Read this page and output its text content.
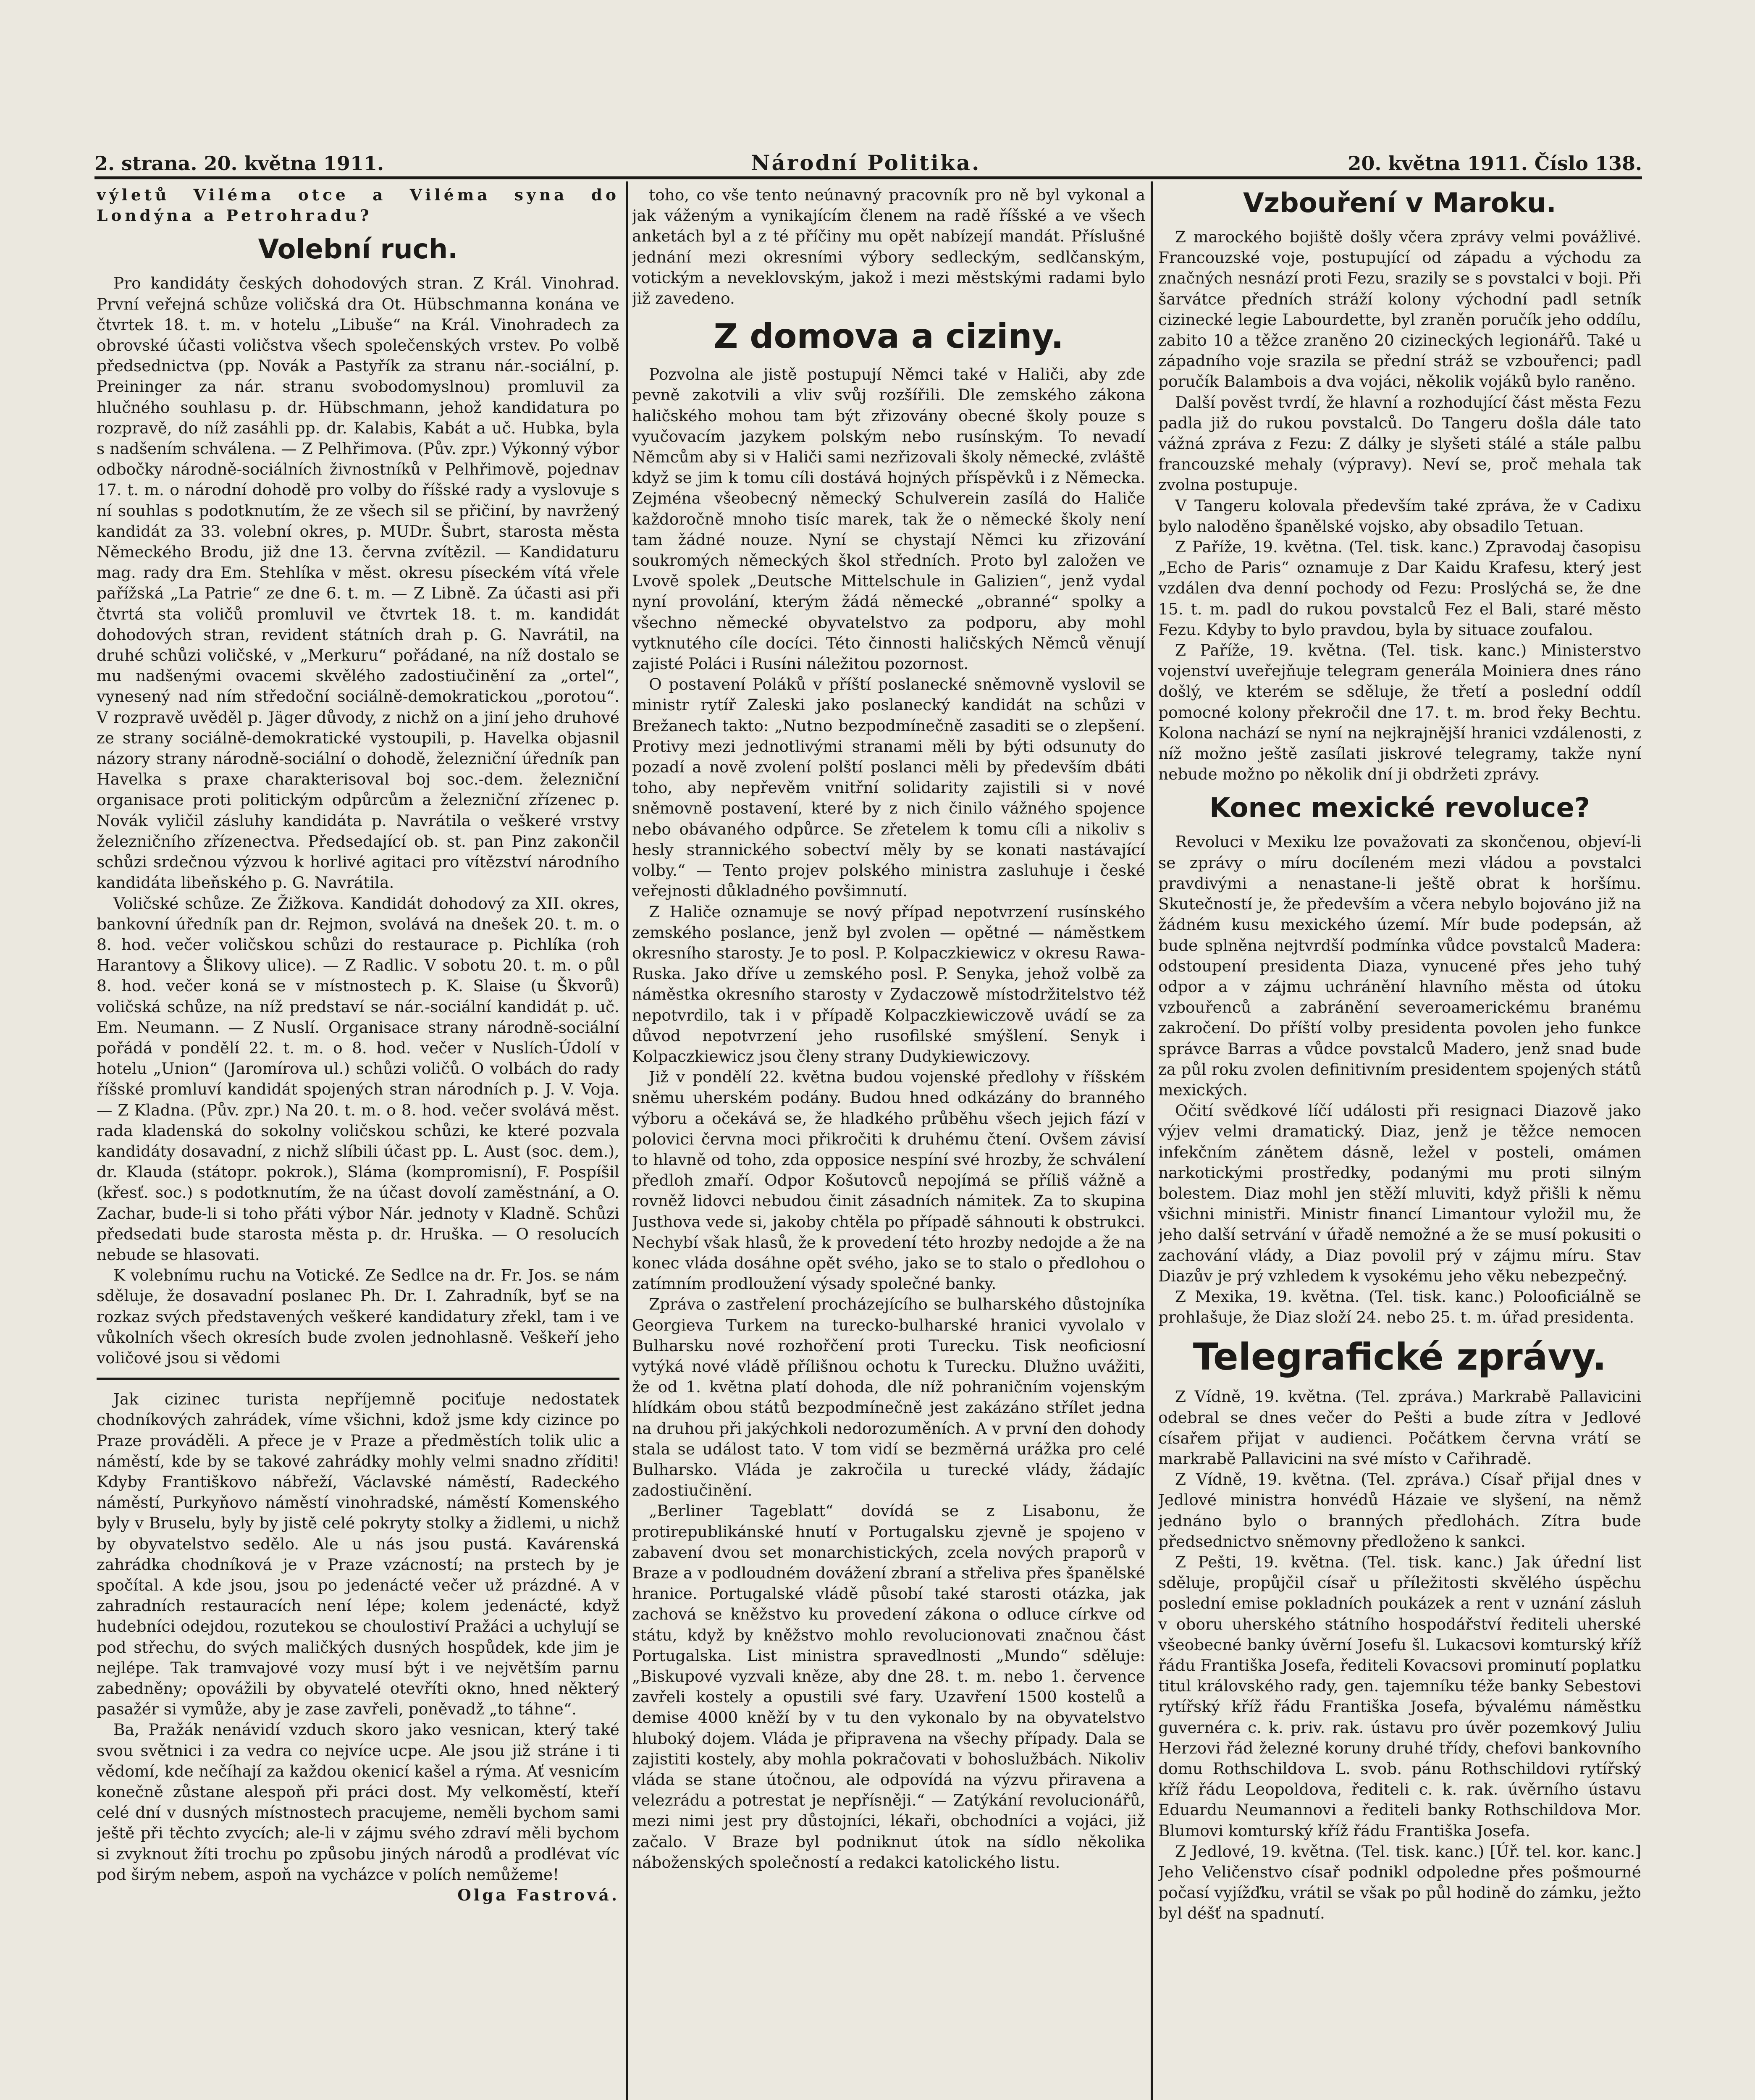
2. strana. 20. května 1911.	Národní Politika.	20. května 1911. Číslo 138.

výletů Viléma otce a Viléma syna do Londýna a Petrohradu?

Volební ruch.

Pro kandidáty českých dohodových stran. Z Král. Vinohrad. První veřejná schůze voličská dra Ot. Hübschmanna konána ve čtvrtek 18. t. m. v hotelu „Libuše“ na Král. Vinohradech za obrovské účasti voličstva všech společenských vrstev. Po volbě předsednictva (pp. Novák a Pastyřík za stranu nár.-sociální, p. Preininger za nár. stranu svobodomyslnou) promluvil za hlučného souhlasu p. dr. Hübschmann, jehož kandidatura po rozpravě, do níž zasáhli pp. dr. Kalabis, Kabát a uč. Hubka, byla s nadšením schválena. — Z Pelhřimova. (Pův. zpr.) Výkonný výbor odbočky národně-sociálních živnostníků v Pelhřimově, pojednav 17. t. m. o národní dohodě pro volby do říšské rady a vyslovuje s ní souhlas s podotknutím, že ze všech sil se přičiní, by navržený kandidát za 33. volební okres, p. MUDr. Šubrt, starosta města Německého Brodu, již dne 13. června zvítězil. — Kandidaturu mag. rady dra Em. Stehlíka v měst. okresu píseckém vítá vřele pařížská „La Patrie“ ze dne 6. t. m. — Z Libně. Za účasti asi při čtvrtá sta voličů promluvil ve čtvrtek 18. t. m. kandidát dohodových stran, revident státních drah p. G. Navrátil, na druhé schůzi voličské, v „Merkuru“ pořádané, na níž dostalo se mu nadšenými ovacemi skvělého zadostiučinění za „ortel“, vynesený nad ním středoční sociálně-demokratickou „porotou“. V rozpravě uvěděl p. Jäger důvody, z nichž on a jiní jeho druhové ze strany sociálně-demokratické vystoupili, p. Havelka objasnil názory strany národně-sociální o dohodě, železniční úředník pan Havelka s praxe charakterisoval boj soc.-dem. železniční organisace proti politickým odpůrcům a železniční zřízenec p. Novák vyličil zásluhy kandidáta p. Navrátila o veškeré vrstvy železničního zřízenectva. Předsedající ob. st. pan Pinz zakončil schůzi srdečnou výzvou k horlivé agitaci pro vítězství národního kandidáta libeňského p. G. Navrátila.

Voličské schůze. Ze Žižkova. Kandidát dohodový za XII. okres, bankovní úředník pan dr. Rejmon, svolává na dnešek 20. t. m. o 8. hod. večer voličskou schůzi do restaurace p. Pichlíka (roh Harantovy a Šlikovy ulice). — Z Radlic. V sobotu 20. t. m. o půl 8. hod. večer koná se v místnostech p. K. Slaise (u Škvorů) voličská schůze, na níž predstaví se nár.-sociální kandidát p. uč. Em. Neumann. — Z Nuslí. Organisace strany národně-sociální pořádá v pondělí 22. t. m. o 8. hod. večer v Nuslích-Údolí v hotelu „Union“ (Jaromírova ul.) schůzi voličů. O volbách do rady říšské promluví kandidát spojených stran národních p. J. V. Voja. — Z Kladna. (Pův. zpr.) Na 20. t. m. o 8. hod. večer svolává měst. rada kladenská do sokolny voličskou schůzi, ke které pozvala kandidáty dosavadní, z nichž slíbili účast pp. L. Aust (soc. dem.), dr. Klauda (státopr. pokrok.), Sláma (kompromisní), F. Pospíšil (křesť. soc.) s podotknutím, že na účast dovolí zaměstnání, a O. Zachar, bude-li si toho přáti výbor Nár. jednoty v Kladně. Schůzi předsedati bude starosta města p. dr. Hruška. — O resolucích nebude se hlasovati.

K volebnímu ruchu na Votické. Ze Sedlce na dr. Fr. Jos. se nám sděluje, že dosavadní poslanec Ph. Dr. I. Zahradník, byť se na rozkaz svých představených veškeré kandidatury zřekl, tam i ve vůkolních všech okresích bude zvolen jednohlasně. Veškeří jeho voličové jsou si vědomi

Jak cizinec turista nepříjemně pociťuje nedostatek chodníkových zahrádek, víme všichni, kdož jsme kdy cizince po Praze prováděli. A přece je v Praze a předměstích tolik ulic a náměstí, kde by se takové zahrádky mohly velmi snadno zříditi! Kdyby Františkovo nábřeží, Václavské náměstí, Radeckého náměstí, Purkyňovo náměstí vinohradské, náměstí Komenského byly v Bruselu, byly by jistě celé pokryty stolky a židlemi, u nichž by obyvatelstvo sedělo. Ale u nás jsou pustá. Kavárenská zahrádka chodníková je v Praze vzácností; na prstech by je spočítal. A kde jsou, jsou po jedenácté večer už prázdné. A v zahradních restauracích není lépe; kolem jedenácté, když hudebníci odejdou, rozutekou se choulostiví Pražáci a uchylují se pod střechu, do svých maličkých dusných hospůdek, kde jim je nejlépe. Tak tramvajové vozy musí být i ve největším parnu zabedněny; opovážili by obyvatelé otevříti okno, hned některý pasažér si vymůže, aby je zase zavřeli, poněvadž „to táhne“.

Ba, Pražák nenávidí vzduch skoro jako vesnican, který také svou světnici i za vedra co nejvíce ucpe. Ale jsou již stráne i ti vědomí, kde nečíhají za každou okenicí kašel a rýma. Ať vesnicím konečně zůstane alespoň při práci dost. My velkoměstí, kteří celé dní v dusných místnostech pracujeme, neměli bychom sami ještě při těchto zvycích; ale-li v zájmu svého zdraví měli bychom si zvyknout žíti trochu po způsobu jiných národů a prodlévat víc pod širým nebem, aspoň na vycházce v polích nemůžeme!

Olga Fastrová.

toho, co vše tento neúnavný pracovník pro ně byl vykonal a jak váženým a vynikajícím členem na radě říšské a ve všech anketách byl a z té příčiny mu opět nabízejí mandát. Příslušné jednání mezi okresními výbory sedleckým, sedlčanským, votickým a neveklovským, jakož i mezi městskými radami bylo již zavedeno.

Z domova a ciziny.

Pozvolna ale jistě postupují Němci také v Haliči, aby zde pevně zakotvili a vliv svůj rozšířili. Dle zemského zákona haličského mohou tam být zřizovány obecné školy pouze s vyučovacím jazykem polským nebo rusínským. To nevadí Němcům aby si v Haliči sami nezřizovali školy německé, zvláště když se jim k tomu cíli dostává hojných příspěvků i z Německa. Zejména všeobecný německý Schulverein zasílá do Haliče každoročně mnoho tisíc marek, tak že o německé školy není tam žádné nouze. Nyní se chystají Němci ku zřizování soukromých německých škol středních. Proto byl založen ve Lvově spolek „Deutsche Mittelschule in Galizien“, jenž vydal nyní provolání, kterým žádá německé „obranné“ spolky a všechno německé obyvatelstvo za podporu, aby mohl vytknutého cíle docíci. Této činnosti haličských Němců věnují zajisté Poláci i Rusíni náležitou pozornost.

O postavení Poláků v příští poslanecké sněmovně vyslovil se ministr rytíř Zaleski jako poslanecký kandidát na schůzi v Brežanech takto: „Nutno bezpodmínečně zasaditi se o zlepšení. Protivy mezi jednotlivými stranami měli by býti odsunuty do pozadí a nově zvolení polští poslanci měli by především dbáti toho, aby nepřevěm vnitřní solidarity zajistili si v nové sněmovně postavení, které by z nich činilo vážného spojence nebo obávaného odpůrce. Se zřetelem k tomu cíli a nikoliv s hesly strannického sobectví měly by se konati nastávající volby.“ — Tento projev polského ministra zasluhuje i české veřejnosti důkladného povšimnutí.

Z Haliče oznamuje se nový případ nepotvrzení rusínského zemského poslance, jenž byl zvolen — opětné — náměstkem okresního starosty. Je to posl. P. Kolpaczkiewicz v okresu Rawa-Ruska. Jako dříve u zemského posl. P. Senyka, jehož volbě za náměstka okresního starosty v Zydaczowě místodržitelstvo též nepotvrdilo, tak i v případě Kolpaczkiewiczově uvádí se za důvod nepotvrzení jeho rusofilské smýšlení. Senyk i Kolpaczkiewicz jsou členy strany Dudykiewiczovy.

Již v pondělí 22. května budou vojenské předlohy v říšském sněmu uherském podány. Budou hned odkázány do branného výboru a očekává se, že hladkého průběhu všech jejich fází v polovici června moci přikročiti k druhému čtení. Ovšem závisí to hlavně od toho, zda opposice nespíní své hrozby, že schválení předloh zmaří. Odpor Košutovců nepojímá se příliš vážně a rovněž lidovci nebudou činit zásadních námitek. Za to skupina Justhova vede si, jakoby chtěla po případě sáhnouti k obstrukci. Nechybí však hlasů, že k provedení této hrozby nedojde a že na konec vláda dosáhne opět svého, jako se to stalo o předlohou o zatímním prodloužení výsady společné banky.

Zpráva o zastřelení procházejícího se bulharského důstojníka Georgieva Turkem na turecko-bulharské hranici vyvolalo v Bulharsku nové rozhořčení proti Turecku. Tisk neoficiosní vytýká nové vládě přílišnou ochotu k Turecku. Dlužno uvážiti, že od 1. května platí dohoda, dle níž pohraničním vojenským hlídkám obou států bezpodmínečně jest zakázáno střílet jedna na druhou při jakýchkoli nedorozuměních. A v první den dohody stala se událost tato. V tom vidí se bezměrná urážka pro celé Bulharsko. Vláda je zakročila u turecké vlády, žádajíc zadostiučinění.

„Berliner Tageblatt“ dovídá se z Lisabonu, že protirepublikánské hnutí v Portugalsku zjevně je spojeno v zabavení dvou set monarchistických, zcela nových praporů v Braze a v podloudném dovážení zbraní a střeliva přes španělské hranice. Portugalské vládě působí také starosti otázka, jak zachová se kněžstvo ku provedení zákona o odluce církve od státu, když by kněžstvo mohlo revolucionovati značnou část Portugalska. List ministra spravedlnosti „Mundo“ sděluje: „Biskupové vyzvali kněze, aby dne 28. t. m. nebo 1. července zavřeli kostely a opustili své fary. Uzavření 1500 kostelů a demise 4000 kněží by v tu den vykonalo by na obyvatelstvo hluboký dojem. Vláda je připravena na všechy případy. Dala se zajistiti kostely, aby mohla pokračovati v bohoslužbách. Nikoliv vláda se stane útočnou, ale odpovídá na výzvu přiravena a velezrádu a potrestat je nepřísněji.“ — Zatýkání revolucionářů, mezi nimi jest pry důstojníci, lékaři, obchodníci a vojáci, již začalo. V Braze byl podniknut útok na sídlo několika náboženských společností a redakci katolického listu.

Vzbouření v Maroku.

Z marockého bojiště došly včera zprávy velmi povážlivé. Francouzské voje, postupující od západu a východu za značných nesnází proti Fezu, srazily se s povstalci v boji. Při šarvátce předních stráží kolony východní padl setník cizinecké legie Labourdette, byl zraněn poručík jeho oddílu, zabito 10 a těžce zraněno 20 cizineckých legionářů. Také u západního voje srazila se přední stráž se vzbouřenci; padl poručík Balambois a dva vojáci, několik vojáků bylo raněno.

Další pověst tvrdí, že hlavní a rozhodující část města Fezu padla již do rukou povstalců. Do Tangeru došla dále tato vážná zpráva z Fezu: Z dálky je slyšeti stálé a stále palbu francouzské mehaly (výpravy). Neví se, proč mehala tak zvolna postupuje.

V Tangeru kolovala především také zpráva, že v Cadixu bylo naloděno španělské vojsko, aby obsadilo Tetuan.

Z Paříže, 19. května. (Tel. tisk. kanc.) Zpravodaj časopisu „Echo de Paris“ oznamuje z Dar Kaidu Krafesu, který jest vzdálen dva denní pochody od Fezu: Proslýchá se, že dne 15. t. m. padl do rukou povstalců Fez el Bali, staré město Fezu. Kdyby to bylo pravdou, byla by situace zoufalou.

Z Paříže, 19. května. (Tel. tisk. kanc.) Ministerstvo vojenství uveřejňuje telegram generála Moiniera dnes ráno došlý, ve kterém se sděluje, že třetí a poslední oddíl pomocné kolony překročil dne 17. t. m. brod řeky Bechtu. Kolona nachází se nyní na nejkrajnější hranici vzdálenosti, z níž možno ještě zasílati jiskrové telegramy, takže nyní nebude možno po několik dní ji obdržeti zprávy.

Konec mexické revoluce?

Revoluci v Mexiku lze považovati za skončenou, objeví-li se zprávy o míru docíleném mezi vládou a povstalci pravdivými a nenastane-li ještě obrat k horšímu. Skutečností je, že především a včera nebylo bojováno již na žádném kusu mexického území. Mír bude podepsán, až bude splněna nejtvrdší podmínka vůdce povstalců Madera: odstoupení presidenta Diaza, vynucené přes jeho tuhý odpor a v zájmu uchránění hlavního města od útoku vzbouřenců a zabránění severoamerickému branému zakročení. Do příští volby presidenta povolen jeho funkce správce Barras a vůdce povstalců Madero, jenž snad bude za půl roku zvolen definitivním presidentem spojených států mexických.

Očití svědkové líčí události při resignaci Diazově jako výjev velmi dramatický. Diaz, jenž je těžce nemocen infekčním zánětem dásně, ležel v posteli, omámen narkotickými prostředky, podanými mu proti silným bolestem. Diaz mohl jen stěží mluviti, když přišli k němu všichni ministři. Ministr financí Limantour vyložil mu, že jeho další setrvání v úřadě nemožné a že se musí pokusiti o zachování vlády, a Diaz povolil prý v zájmu míru. Stav Diazův je prý vzhledem k vysokému jeho věku nebezpečný.

Z Mexika, 19. května. (Tel. tisk. kanc.) Polooficiálně se prohlašuje, že Diaz složí 24. nebo 25. t. m. úřad presidenta.

Telegrafické zprávy.

Z Vídně, 19. května. (Tel. zpráva.) Markrabě Pallavicini odebral se dnes večer do Pešti a bude zítra v Jedlové císařem přijat v audienci. Počátkem června vrátí se markrabě Pallavicini na své místo v Cařihradě.

Z Vídně, 19. května. (Tel. zpráva.) Císař přijal dnes v Jedlové ministra honvédů Házaie ve slyšení, na němž jednáno bylo o branných předlohách. Zítra bude předsednictvo sněmovny předloženo k sankci.

Z Pešti, 19. května. (Tel. tisk. kanc.) Jak úřední list sděluje, propůjčil císař u příležitosti skvělého úspěchu poslední emise pokladních poukázek a rent v uznání zásluh v oboru uherského státního hospodářství řediteli uherské všeobecné banky úvěrní Josefu šl. Lukacsovi komturský kříž řádu Františka Josefa, řediteli Kovacsovi prominutí poplatku titul královského rady, gen. tajemníku téže banky Sebestovi rytířský kříž řádu Františka Josefa, bývalému náměstku guvernéra c. k. priv. rak. ústavu pro úvěr pozemkový Juliu Herzovi řád železné koruny druhé třídy, chefovi bankovního domu Rothschildova L. svob. pánu Rothschildovi rytířský kříž řádu Leopoldova, řediteli c. k. rak. úvěrního ústavu Eduardu Neumannovi a řediteli banky Rothschildova Mor. Blumovi komturský kříž řádu Františka Josefa.

Z Jedlové, 19. května. (Tel. tisk. kanc.) [Úř. tel. kor. kanc.] Jeho Veličenstvo císař podnikl odpoledne přes pošmourné počasí vyjížďku, vrátil se však po půl hodině do zámku, ježto byl déšť na spadnutí.
